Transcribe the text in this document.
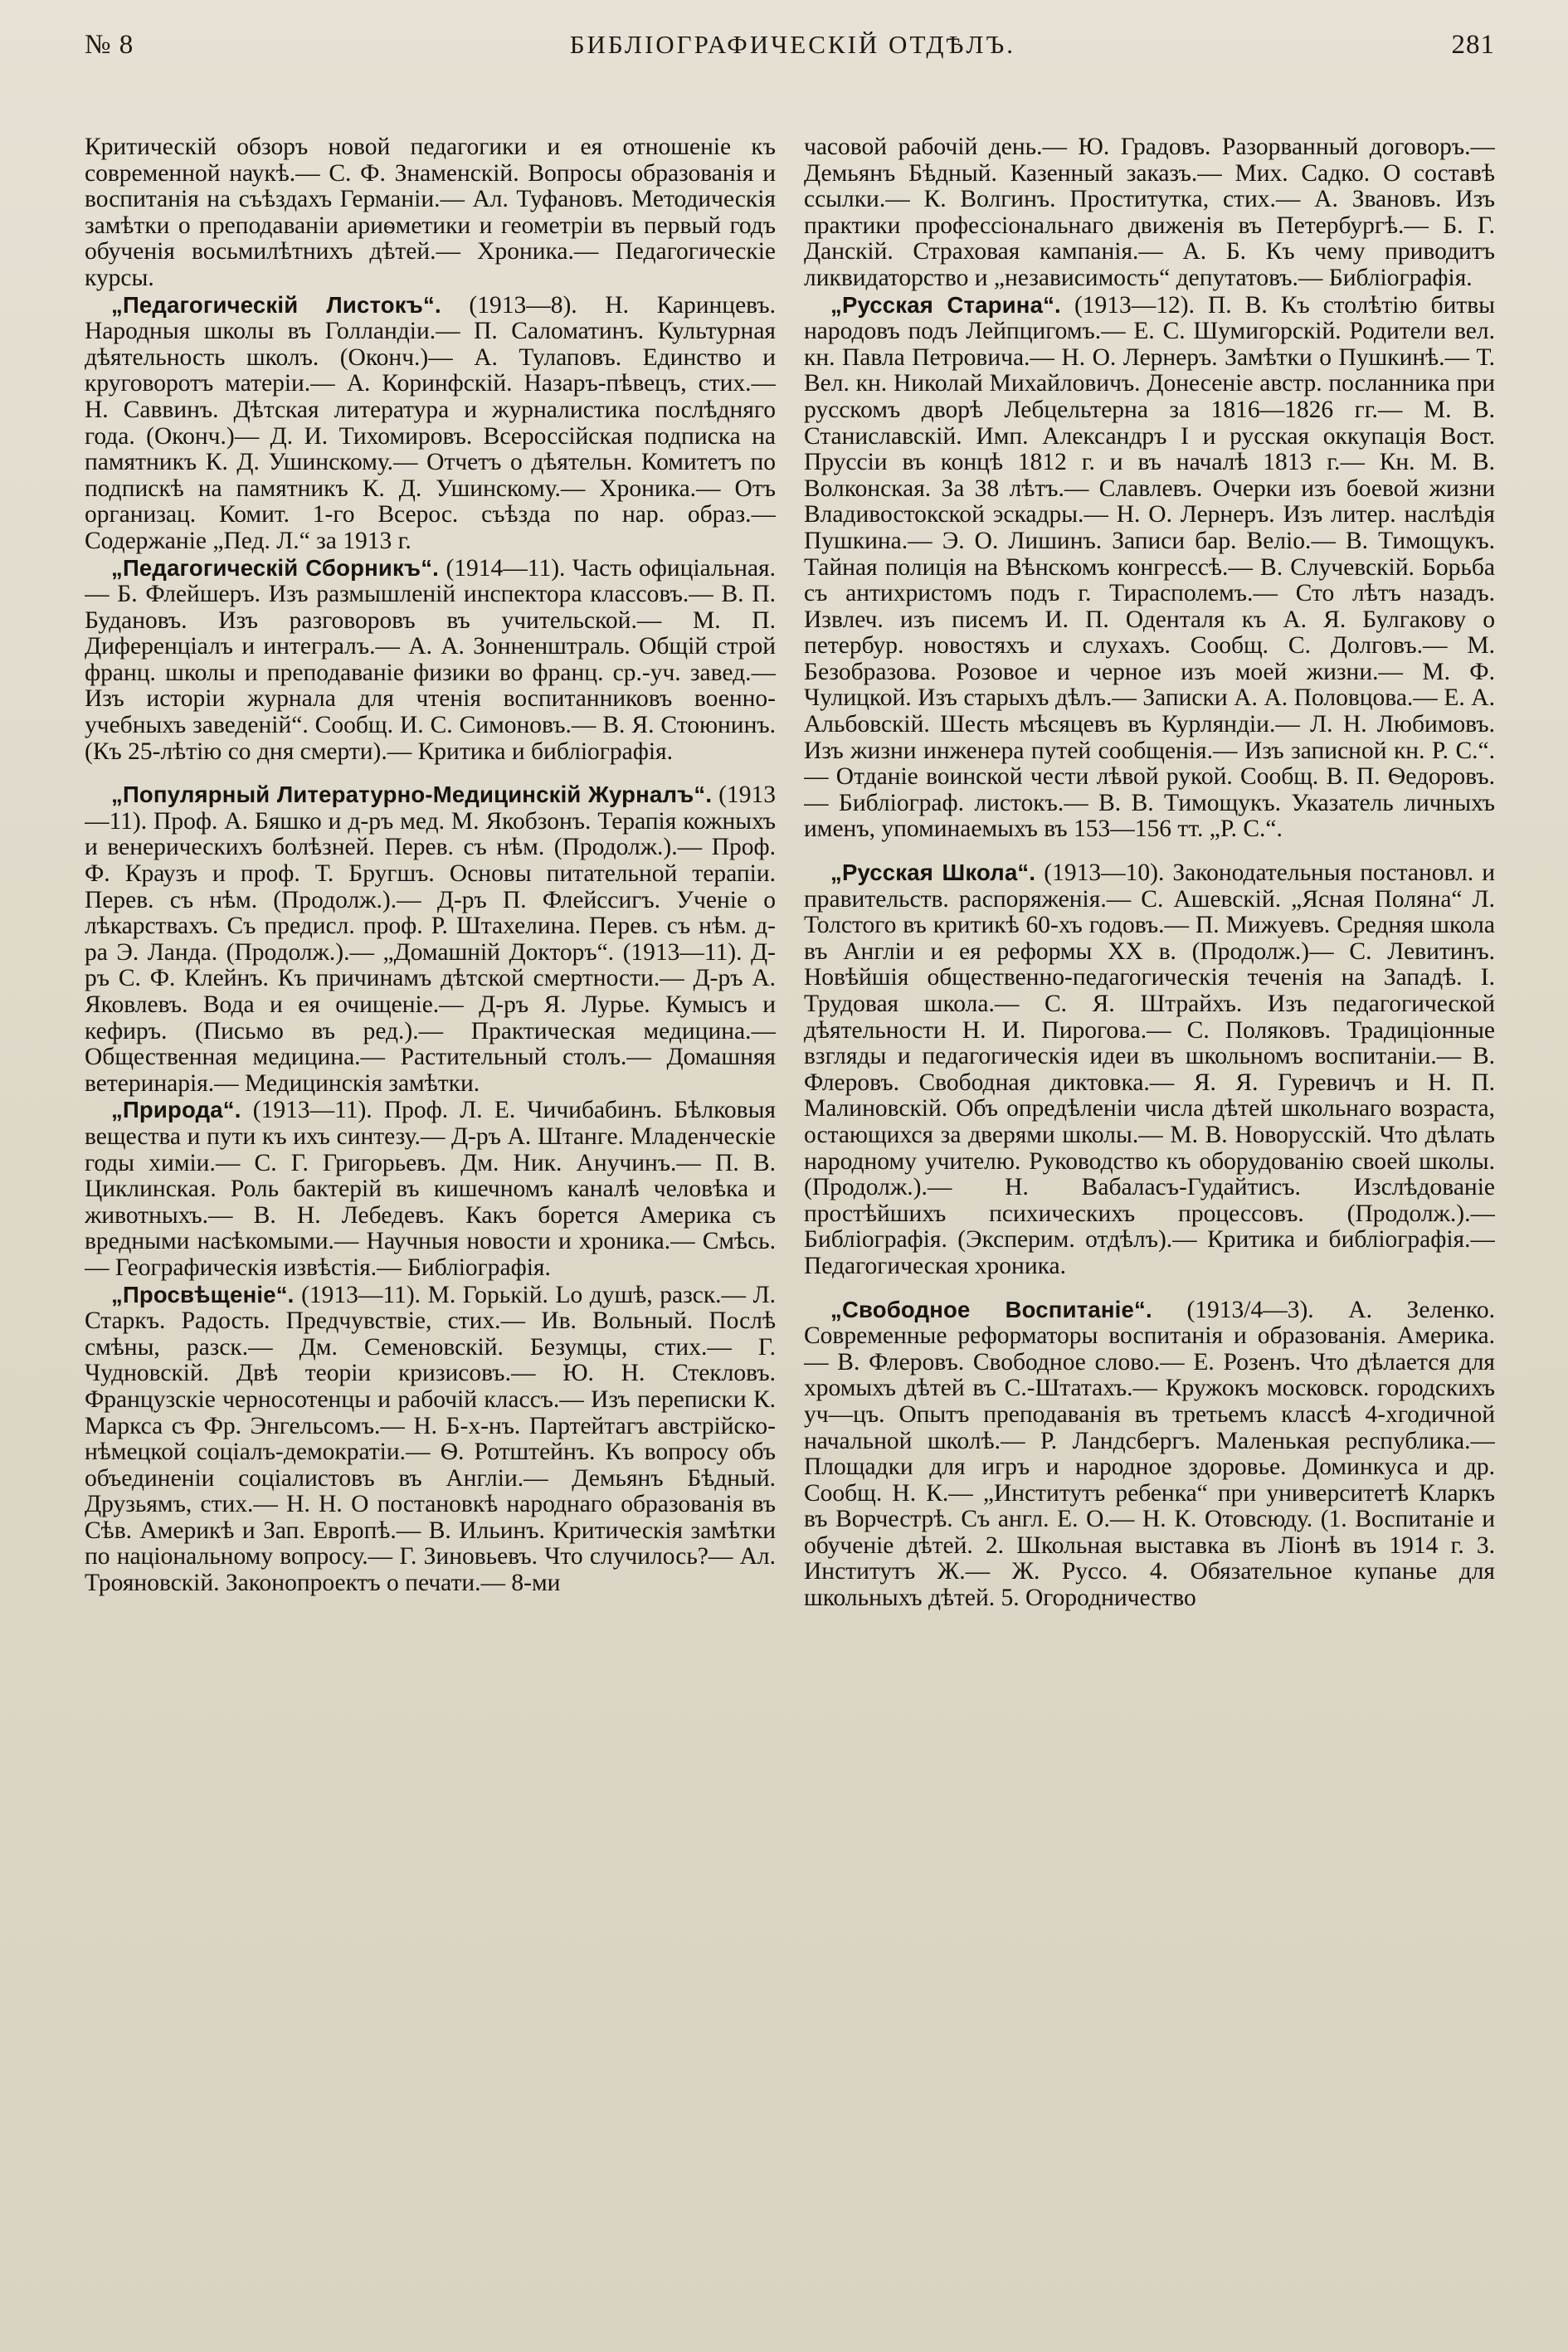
№ 8	БИБЛІОГРАФИЧЕСКІЙ ОТДѢЛЪ.	281

Критическій обзоръ новой педагогики и ея отношеніе къ современной наукѣ.— С. Ф. Знаменскій. Вопросы образованія и воспитанія на съѣздахъ Германіи.— Ал. Туфановъ. Методическія замѣтки о преподаваніи ариѳметики и геометріи въ первый годъ обученія восьмилѣтнихъ дѣтей.— Хроника.— Педагогическіе курсы.

„Педагогическій Листокъ“. (1913—8). Н. Каринцевъ. Народныя школы въ Голландіи.— П. Саломатинъ. Культурная дѣятельность школъ. (Оконч.)— А. Тулаповъ. Единство и круговоротъ матеріи.— А. Коринфскій. Назаръ-пѣвецъ, стих.— Н. Саввинъ. Дѣтская литература и журналистика послѣдняго года. (Оконч.)— Д. И. Тихомировъ. Всероссійская подписка на памятникъ К. Д. Ушинскому.— Отчетъ о дѣятельн. Комитетъ по подпискѣ на памятникъ К. Д. Ушинскому.— Хроника.— Отъ организац. Комит. 1-го Всерос. съѣзда по нар. образ.— Содержаніе „Пед. Л.“ за 1913 г.

„Педагогическій Сборникъ“. (1914—11). Часть офиціальная.— Б. Флейшеръ. Изъ размышленій инспектора классовъ.— В. П. Будановъ. Изъ разговоровъ въ учительской.— М. П. Диференціалъ и интегралъ.— А. А. Зонненштраль. Общій строй франц. школы и преподаваніе физики во франц. ср.-уч. завед.— Изъ исторіи журнала для чтенія воспитанниковъ военно-учебныхъ заведеній“. Сообщ. И. С. Симоновъ.— В. Я. Стоюнинъ. (Къ 25-лѣтію со дня смерти).— Критика и библіографія.

„Популярный Литературно-Медицинскій Журналъ“. (1913—11). Проф. А. Бяшко и д-ръ мед. М. Якобзонъ. Терапія кожныхъ и венерическихъ болѣзней. Перев. съ нѣм. (Продолж.).— Проф. Ф. Краузъ и проф. Т. Бругшъ. Основы питательной терапіи. Перев. съ нѣм. (Продолж.).— Д-ръ П. Флейссигъ. Ученіе о лѣкарствахъ. Съ предисл. проф. Р. Штахелина. Перев. съ нѣм. д-ра Э. Ланда. (Продолж.).— „Домашній Докторъ“. (1913—11). Д-ръ С. Ф. Клейнъ. Къ причинамъ дѣтской смертности.— Д-ръ А. Яковлевъ. Вода и ея очищеніе.— Д-ръ Я. Лурье. Кумысъ и кефиръ. (Письмо въ ред.).— Практическая медицина.— Общественная медицина.— Растительный столъ.— Домашняя ветеринарія.— Медицинскія замѣтки.

„Природа“. (1913—11). Проф. Л. Е. Чичибабинъ. Бѣлковыя вещества и пути къ ихъ синтезу.— Д-ръ А. Штанге. Младенческіе годы химіи.— С. Г. Григорьевъ. Дм. Ник. Анучинъ.— П. В. Циклинская. Роль бактерій въ кишечномъ каналѣ человѣка и животныхъ.— В. Н. Лебедевъ. Какъ борется Америка съ вредными насѣкомыми.— Научныя новости и хроника.— Смѣсь.— Географическія извѣстія.— Библіографія.

„Просвѣщеніе“. (1913—11). М. Горькій. Lo душѣ, разск.— Л. Старкъ. Радость. Предчувствіе, стих.— Ив. Вольный. Послѣ смѣны, разск.— Дм. Семеновскій. Безумцы, стих.— Г. Чудновскій. Двѣ теоріи кризисовъ.— Ю. Н. Стекловъ. Французскіе черносотенцы и рабочій классъ.— Изъ переписки К. Маркса съ Фр. Энгельсомъ.— Н. Б-х-нъ. Партейтагъ австрійско-нѣмецкой соціалъ-демократіи.— Ѳ. Ротштейнъ. Къ вопросу объ объединеніи соціалистовъ въ Англіи.— Демьянъ Бѣдный. Друзьямъ, стих.— Н. Н. О постановкѣ народнаго образованія въ Сѣв. Америкѣ и Зап. Европѣ.— В. Ильинъ. Критическія замѣтки по національному вопросу.— Г. Зиновьевъ. Что случилось?— Ал. Трояновскій. Законопроектъ о печати.— 8-ми

часовой рабочій день.— Ю. Градовъ. Разорванный договоръ.— Демьянъ Бѣдный. Казенный заказъ.— Мих. Садко. О составѣ ссылки.— К. Волгинъ. Проститутка, стих.— А. Звановъ. Изъ практики профессіональнаго движенія въ Петербургѣ.— Б. Г. Данскій. Страховая кампанія.— А. Б. Къ чему приводитъ ликвидаторство и „независимость“ депутатовъ.— Библіографія.

„Русская Старина“. (1913—12). П. В. Къ столѣтію битвы народовъ подъ Лейпцигомъ.— Е. С. Шумигорскій. Родители вел. кн. Павла Петровича.— Н. О. Лернеръ. Замѣтки о Пушкинѣ.— Т. Вел. кн. Николай Михайловичъ. Донесеніе австр. посланника при русскомъ дворѣ Лебцельтерна за 1816—1826 гг.— М. В. Станиславскій. Имп. Александръ I и русская оккупація Вост. Пруссіи въ концѣ 1812 г. и въ началѣ 1813 г.— Кн. М. В. Волконская. За 38 лѣтъ.— Славлевъ. Очерки изъ боевой жизни Владивостокской эскадры.— Н. О. Лернеръ. Изъ литер. наслѣдія Пушкина.— Э. О. Лишинъ. Записи бар. Веліо.— В. Тимощукъ. Тайная полиція на Вѣнскомъ конгрессѣ.— В. Случевскій. Борьба съ антихристомъ подъ г. Тирасполемъ.— Сто лѣтъ назадъ. Извлеч. изъ писемъ И. П. Оденталя къ А. Я. Булгакову о петербур. новостяхъ и слухахъ. Сообщ. С. Долговъ.— М. Безобразова. Розовое и черное изъ моей жизни.— М. Ф. Чулицкой. Изъ старыхъ дѣлъ.— Записки А. А. Половцова.— Е. А. Альбовскій. Шесть мѣсяцевъ въ Курляндіи.— Л. Н. Любимовъ. Изъ жизни инженера путей сообщенія.— Изъ записной кн. Р. С.“.— Отданіе воинской чести лѣвой рукой. Сообщ. В. П. Ѳедоровъ.— Библіограф. листокъ.— В. В. Тимощукъ. Указатель личныхъ именъ, упоминаемыхъ въ 153—156 тт. „Р. С.“.

„Русская Школа“. (1913—10). Законодательныя постановл. и правительств. распоряженія.— С. Ашевскій. „Ясная Поляна“ Л. Толстого въ критикѣ 60-хъ годовъ.— П. Мижуевъ. Средняя школа въ Англіи и ея реформы XX в. (Продолж.)— С. Левитинъ. Новѣйшія общественно-педагогическія теченія на Западѣ. I. Трудовая школа.— С. Я. Штрайхъ. Изъ педагогической дѣятельности Н. И. Пирогова.— С. Поляковъ. Традиціонные взгляды и педагогическія идеи въ школьномъ воспитаніи.— В. Флеровъ. Свободная диктовка.— Я. Я. Гуревичъ и Н. П. Малиновскій. Объ опредѣленіи числа дѣтей школьнаго возраста, остающихся за дверями школы.— М. В. Новорусскій. Что дѣлать народному учителю. Руководство къ оборудованію своей школы. (Продолж.).— Н. Вабаласъ-Гудайтисъ. Изслѣдованіе простѣйшихъ психическихъ процессовъ. (Продолж.).— Библіографія. (Эксперим. отдѣлъ).— Критика и библіографія.— Педагогическая хроника.

„Свободное Воспитаніе“. (1913/4—3). А. Зеленко. Современные реформаторы воспитанія и образованія. Америка.— В. Флеровъ. Свободное слово.— Е. Розенъ. Что дѣлается для хромыхъ дѣтей въ С.-Штатахъ.— Кружокъ московск. городскихъ уч—цъ. Опытъ преподаванія въ третьемъ классѣ 4-хгодичной начальной школѣ.— Р. Ландсбергъ. Маленькая республика.— Площадки для игръ и народное здоровье. Доминкуса и др. Сообщ. Н. К.— „Институтъ ребенка“ при университетѣ Кларкъ въ Ворчестрѣ. Съ англ. Е. О.— Н. К. Отовсюду. (1. Воспитаніе и обученіе дѣтей. 2. Школьная выставка въ Ліонѣ въ 1914 г. 3. Институтъ Ж.— Ж. Руссо. 4. Обязательное купанье для школьныхъ дѣтей. 5. Огородничество
